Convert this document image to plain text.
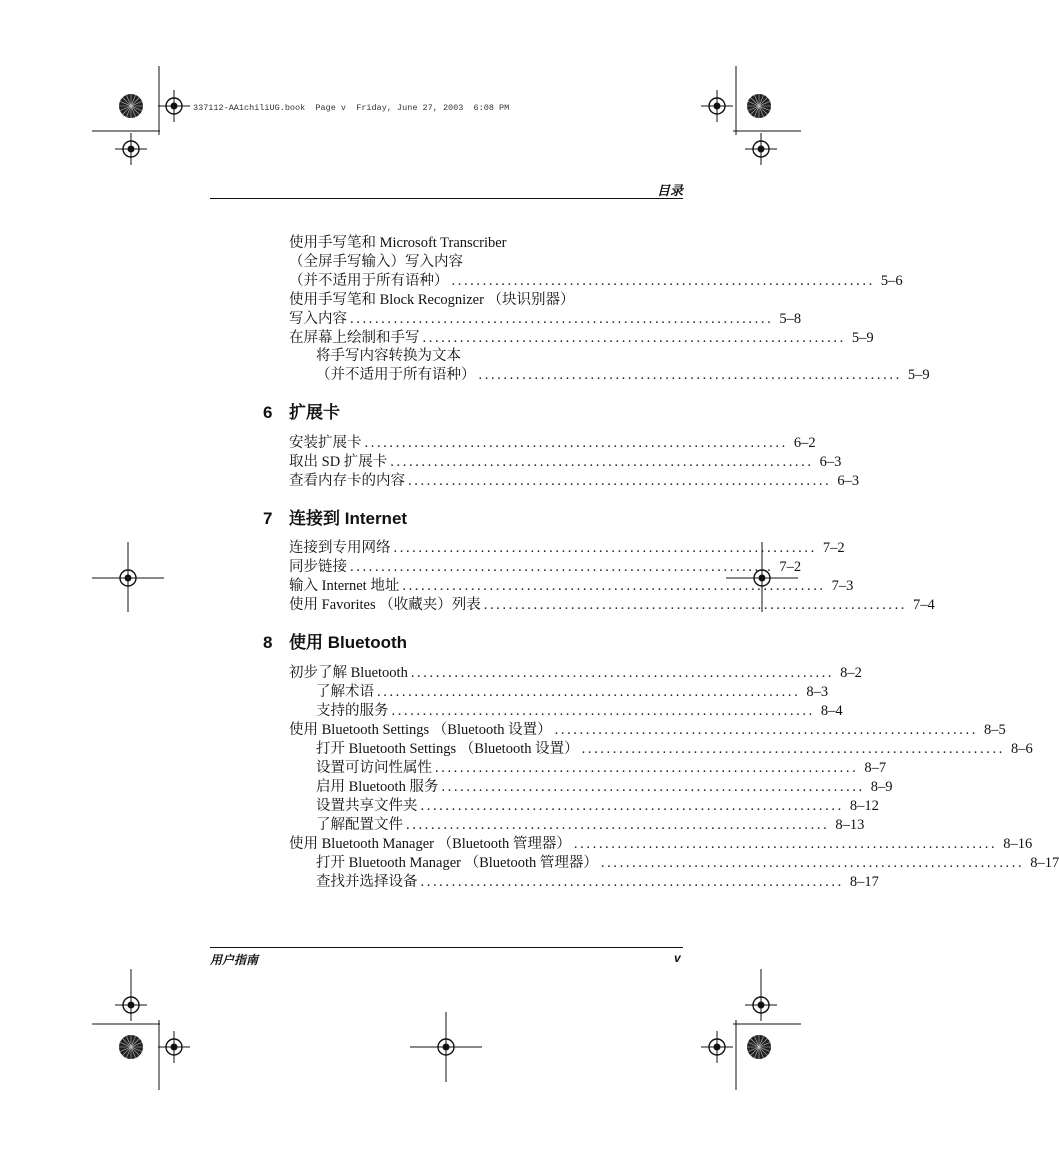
337112-AA1chiliUG.book  Page v  Friday, June 27, 2003  6:08 PM
目录
使用手写笔和 Microsoft Transcriber
（全屏手写输入）写入内容
（并不适用于所有语种） .................................................................... 5–6
使用手写笔和 Block Recognizer （块识别器）
写入内容 .................................................................... 5–8
在屏幕上绘制和手写 .................................................................... 5–9
将手写内容转换为文本
（并不适用于所有语种） .................................................................... 5–9
6 扩展卡
安装扩展卡 .................................................................... 6–2
取出 SD 扩展卡 .................................................................... 6–3
查看内存卡的内容 .................................................................... 6–3
7 连接到 Internet
连接到专用网络 .................................................................... 7–2
同步链接 .................................................................... 7–2
输入 Internet 地址 .................................................................... 7–3
使用 Favorites （收藏夹）列表 .................................................................... 7–4
8 使用 Bluetooth
初步了解 Bluetooth .................................................................... 8–2
了解术语 .................................................................... 8–3
支持的服务 .................................................................... 8–4
使用 Bluetooth Settings （Bluetooth 设置） .................................................................... 8–5
打开 Bluetooth Settings （Bluetooth 设置） .................................................................... 8–6
设置可访问性属性 .................................................................... 8–7
启用 Bluetooth 服务 .................................................................... 8–9
设置共享文件夹 .................................................................... 8–12
了解配置文件 .................................................................... 8–13
使用 Bluetooth Manager （Bluetooth 管理器） .................................................................... 8–16
打开 Bluetooth Manager （Bluetooth 管理器） .................................................................... 8–17
查找并选择设备 .................................................................... 8–17
用户指南	v
